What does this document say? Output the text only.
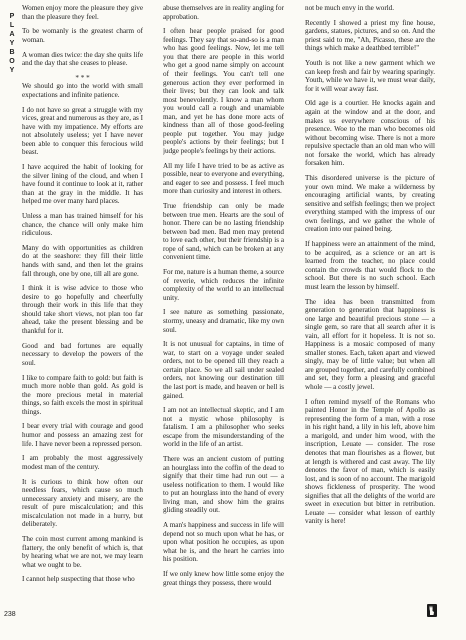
P
L
A
Y
B
O
Y

Women enjoy more the pleasure they give than the pleasure they feel.

To be womanly is the greatest charm of woman.

A woman dies twice: the day she quits life and the day that she ceases to please.

* * *

We should go into the world with small expectations and infinite patience.

I do not have so great a struggle with my vices, great and numerous as they are, as I have with my impatience. My efforts are not absolutely useless; yet I have never been able to conquer this ferocious wild beast.

I have acquired the habit of looking for the silver lining of the cloud, and when I have found it continue to look at it, rather than at the gray in the middle. It has helped me over many hard places.

Unless a man has trained himself for his chance, the chance will only make him ridiculous.

Many do with opportunities as children do at the seashore: they fill their little hands with sand, and then let the grains fall through, one by one, till all are gone.

I think it is wise advice to those who desire to go hopefully and cheerfully through their work in this life that they should take short views, not plan too far ahead, take the present blessing and be thankful for it.

Good and bad fortunes are equally necessary to develop the powers of the soul.

I like to compare faith to gold: but faith is much more noble than gold. As gold is the more precious metal in material things, so faith excels the most in spiritual things.

I bear every trial with courage and good humor and possess an amazing zest for life. I have never been a repressed person.

I am probably the most aggressively modest man of the century.

It is curious to think how often our needless fears, which cause so much unnecessary anxiety and misery, are the result of pure miscalculation; and this miscalculation not made in a hurry, but deliberately.

The coin most current among mankind is flattery, the only benefit of which is, that by hearing what we are not, we may learn what we ought to be.

I cannot help suspecting that those who

abuse themselves are in reality angling for approbation.

I often hear people praised for good feelings. They say that so-and-so is a man who has good feelings. Now, let me tell you that there are people in this world who get a good name simply on account of their feelings. You can't tell one generous action they ever performed in their lives; but they can look and talk most benevolently. I know a man whom you would call a rough and unamiable man, and yet he has done more acts of kindness than all of those good-feeling people put together. You may judge people's actions by their feelings; but I judge people's feelings by their actions.

All my life I have tried to be as active as possible, near to everyone and everything, and eager to see and possess. I feel much more than curiosity and interest in others.

True friendship can only be made between true men. Hearts are the soul of honor. There can be no lasting friendship between bad men. Bad men may pretend to love each other, but their friendship is a rope of sand, which can be broken at any convenient time.

For me, nature is a human theme, a source of reverie, which reduces the infinite complexity of the world to an intellectual unity.

I see nature as something passionate, stormy, uneasy and dramatic, like my own soul.

It is not unusual for captains, in time of war, to start on a voyage under sealed orders, not to be opened till they reach a certain place. So we all sail under sealed orders, not knowing our destination till the last port is made, and heaven or hell is gained.

I am not an intellectual skeptic, and I am not a mystic whose philosophy is fatalism. I am a philosopher who seeks escape from the misunderstanding of the world in the life of an artist.

There was an ancient custom of putting an hourglass into the coffin of the dead to signify that their time had run out — a useless notification to them. I would like to put an hourglass into the hand of every living man, and show him the grains gliding steadily out.

A man's happiness and success in life will depend not so much upon what he has, or upon what position he occupies, as upon what he is, and the heart he carries into his position.

If we only knew how little some enjoy the great things they possess, there would

not be much envy in the world.

Recently I showed a priest my fine house, gardens, statues, pictures, and so on. And the priest said to me, "Ah, Picasso, these are the things which make a deathbed terrible!"

Youth is not like a new garment which we can keep fresh and fair by wearing sparingly. Youth, while we have it, we must wear daily, for it will wear away fast.

Old age is a courtier. He knocks again and again at the window and at the door, and makes us everywhere conscious of his presence. Woe to the man who becomes old without becoming wise. There is not a more repulsive spectacle than an old man who will not forsake the world, which has already forsaken him.

This disordered universe is the picture of your own mind. We make a wilderness by encouraging artificial wants, by creating sensitive and selfish feelings; then we project everything stamped with the impress of our own feelings, and we gather the whole of creation into our pained being.

If happiness were an attainment of the mind, to be acquired, as a science or an art is learned from the teacher, no place could contain the crowds that would flock to the school. But there is no such school. Each must learn the lesson by himself.

The idea has been transmitted from generation to generation that happiness is one large and beautiful precious stone — a single gem, so rare that all search after it is vain, all effort for it hopeless. It is not so. Happiness is a mosaic composed of many smaller stones. Each, taken apart and viewed singly, may be of little value; but when all are grouped together, and carefully combined and set, they form a pleasing and graceful whole — a costly jewel.

I often remind myself of the Romans who painted Honor in the Temple of Apollo as representing the form of a man, with a rose in his right hand, a lily in his left, above him a marigold, and under him wood, with the inscription, Leuate — consider. The rose denotes that man flourishes as a flower, but at length is withered and cast away. The lily denotes the favor of man, which is easily lost, and is soon of no account. The marigold shows fickleness of prosperity. The wood signifies that all the delights of the world are sweet in execution but bitter in retribution. Leuate — consider what lesson of earthly vanity is here!

238
